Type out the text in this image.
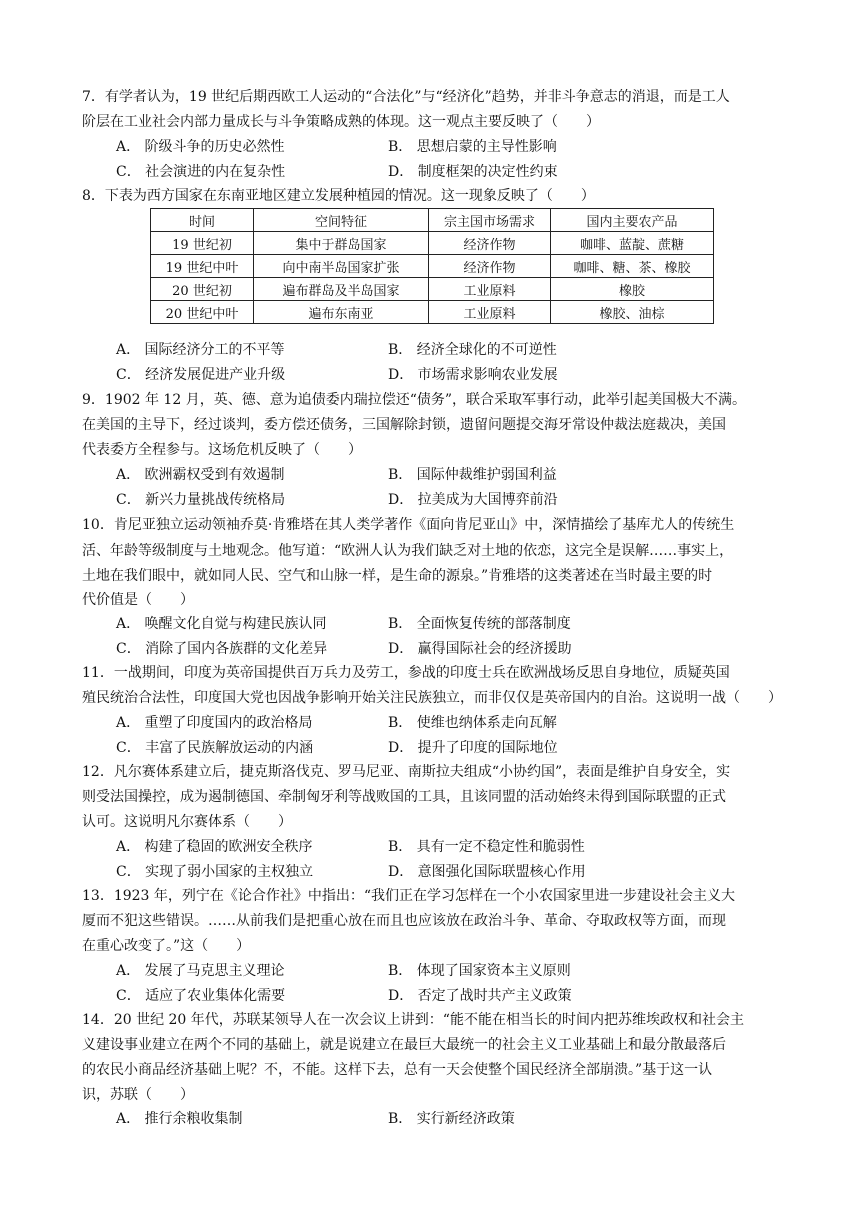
7．有学者认为，19 世纪后期西欧工人运动的“合法化”与“经济化”趋势，并非斗争意志的消退，而是工人
阶层在工业社会内部力量成长与斗争策略成熟的体现。这一观点主要反映了（　　）
A． 阶级斗争的历史必然性	B． 思想启蒙的主导性影响
C． 社会演进的内在复杂性	D． 制度框架的决定性约束
8．下表为西方国家在东南亚地区建立发展种植园的情况。这一现象反映了（　　）
时间	空间特征	宗主国市场需求	国内主要农产品
19 世纪初	集中于群岛国家	经济作物	咖啡、蓝靛、蔗糖
19 世纪中叶	向中南半岛国家扩张	经济作物	咖啡、糖、茶、橡胶
20 世纪初	遍布群岛及半岛国家	工业原料	橡胶
20 世纪中叶	遍布东南亚	工业原料	橡胶、油棕
A． 国际经济分工的不平等	B． 经济全球化的不可逆性
C． 经济发展促进产业升级	D． 市场需求影响农业发展
9．1902 年 12 月，英、德、意为追债委内瑞拉偿还“债务”，联合采取军事行动，此举引起美国极大不满。
在美国的主导下，经过谈判，委方偿还债务，三国解除封锁，遗留问题提交海牙常设仲裁法庭裁决，美国
代表委方全程参与。这场危机反映了（　　）
A． 欧洲霸权受到有效遏制	B． 国际仲裁维护弱国利益
C． 新兴力量挑战传统格局	D． 拉美成为大国博弈前沿
10．肯尼亚独立运动领袖乔莫·肯雅塔在其人类学著作《面向肯尼亚山》中，深情描绘了基库尤人的传统生
活、年龄等级制度与土地观念。他写道：“欧洲人认为我们缺乏对土地的依恋，这完全是误解……事实上，
土地在我们眼中，就如同人民、空气和山脉一样，是生命的源泉。”肯雅塔的这类著述在当时最主要的时
代价值是（　　）
A． 唤醒文化自觉与构建民族认同	B． 全面恢复传统的部落制度
C． 消除了国内各族群的文化差异	D． 赢得国际社会的经济援助
11．一战期间，印度为英帝国提供百万兵力及劳工，参战的印度士兵在欧洲战场反思自身地位，质疑英国
殖民统治合法性，印度国大党也因战争影响开始关注民族独立，而非仅仅是英帝国内的自治。这说明一战（　　）
A． 重塑了印度国内的政治格局	B． 使维也纳体系走向瓦解
C． 丰富了民族解放运动的内涵	D． 提升了印度的国际地位
12．凡尔赛体系建立后，捷克斯洛伐克、罗马尼亚、南斯拉夫组成“小协约国”，表面是维护自身安全，实
则受法国操控，成为遏制德国、牵制匈牙利等战败国的工具，且该同盟的活动始终未得到国际联盟的正式
认可。这说明凡尔赛体系（　　）
A． 构建了稳固的欧洲安全秩序	B． 具有一定不稳定性和脆弱性
C． 实现了弱小国家的主权独立	D． 意图强化国际联盟核心作用
13．1923 年，列宁在《论合作社》中指出：“我们正在学习怎样在一个小农国家里进一步建设社会主义大
厦而不犯这些错误。……从前我们是把重心放在而且也应该放在政治斗争、革命、夺取政权等方面，而现
在重心改变了。”这（　　）
A． 发展了马克思主义理论	B． 体现了国家资本主义原则
C． 适应了农业集体化需要	D． 否定了战时共产主义政策
14．20 世纪 20 年代，苏联某领导人在一次会议上讲到：“能不能在相当长的时间内把苏维埃政权和社会主
义建设事业建立在两个不同的基础上，就是说建立在最巨大最统一的社会主义工业基础上和最分散最落后
的农民小商品经济基础上呢？不，不能。这样下去，总有一天会使整个国民经济全部崩溃。”基于这一认
识，苏联（　　）
A． 推行余粮收集制	B． 实行新经济政策
